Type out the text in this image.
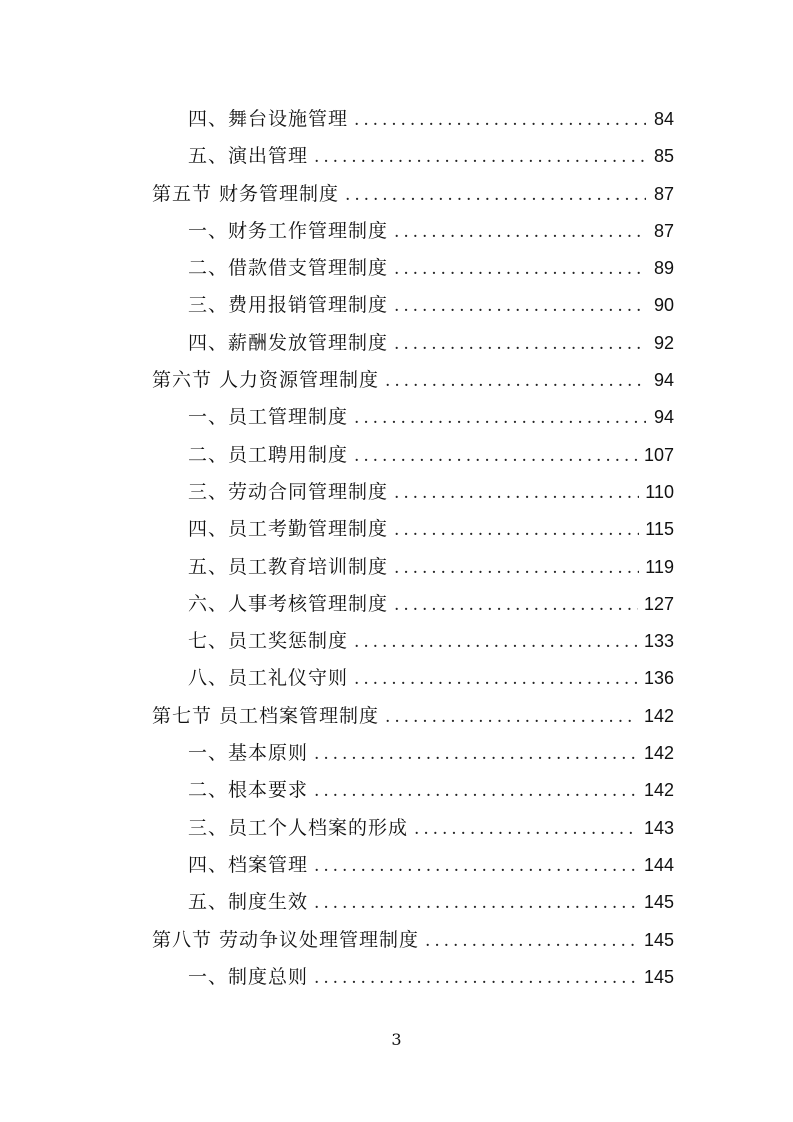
四、舞台设施管理 . . .	84
五、演出管理 . . .	85
第五节 财务管理制度 . . .	87
一、财务工作管理制度 . . .	87
二、借款借支管理制度 . . .	89
三、费用报销管理制度 . . .	90
四、薪酬发放管理制度 . . .	92
第六节 人力资源管理制度 . . .	94
一、员工管理制度 . . .	94
二、员工聘用制度 . . .	107
三、劳动合同管理制度 . . .	110
四、员工考勤管理制度 . . .	115
五、员工教育培训制度 . . .	119
六、人事考核管理制度 . . .	127
七、员工奖惩制度 . . .	133
八、员工礼仪守则 . . .	136
第七节 员工档案管理制度 . . .	142
一、基本原则 . . .	142
二、根本要求 . . .	142
三、员工个人档案的形成 . . .	143
四、档案管理 . . .	144
五、制度生效 . . .	145
第八节 劳动争议处理管理制度 . . .	145
一、制度总则 . . .	145
3
